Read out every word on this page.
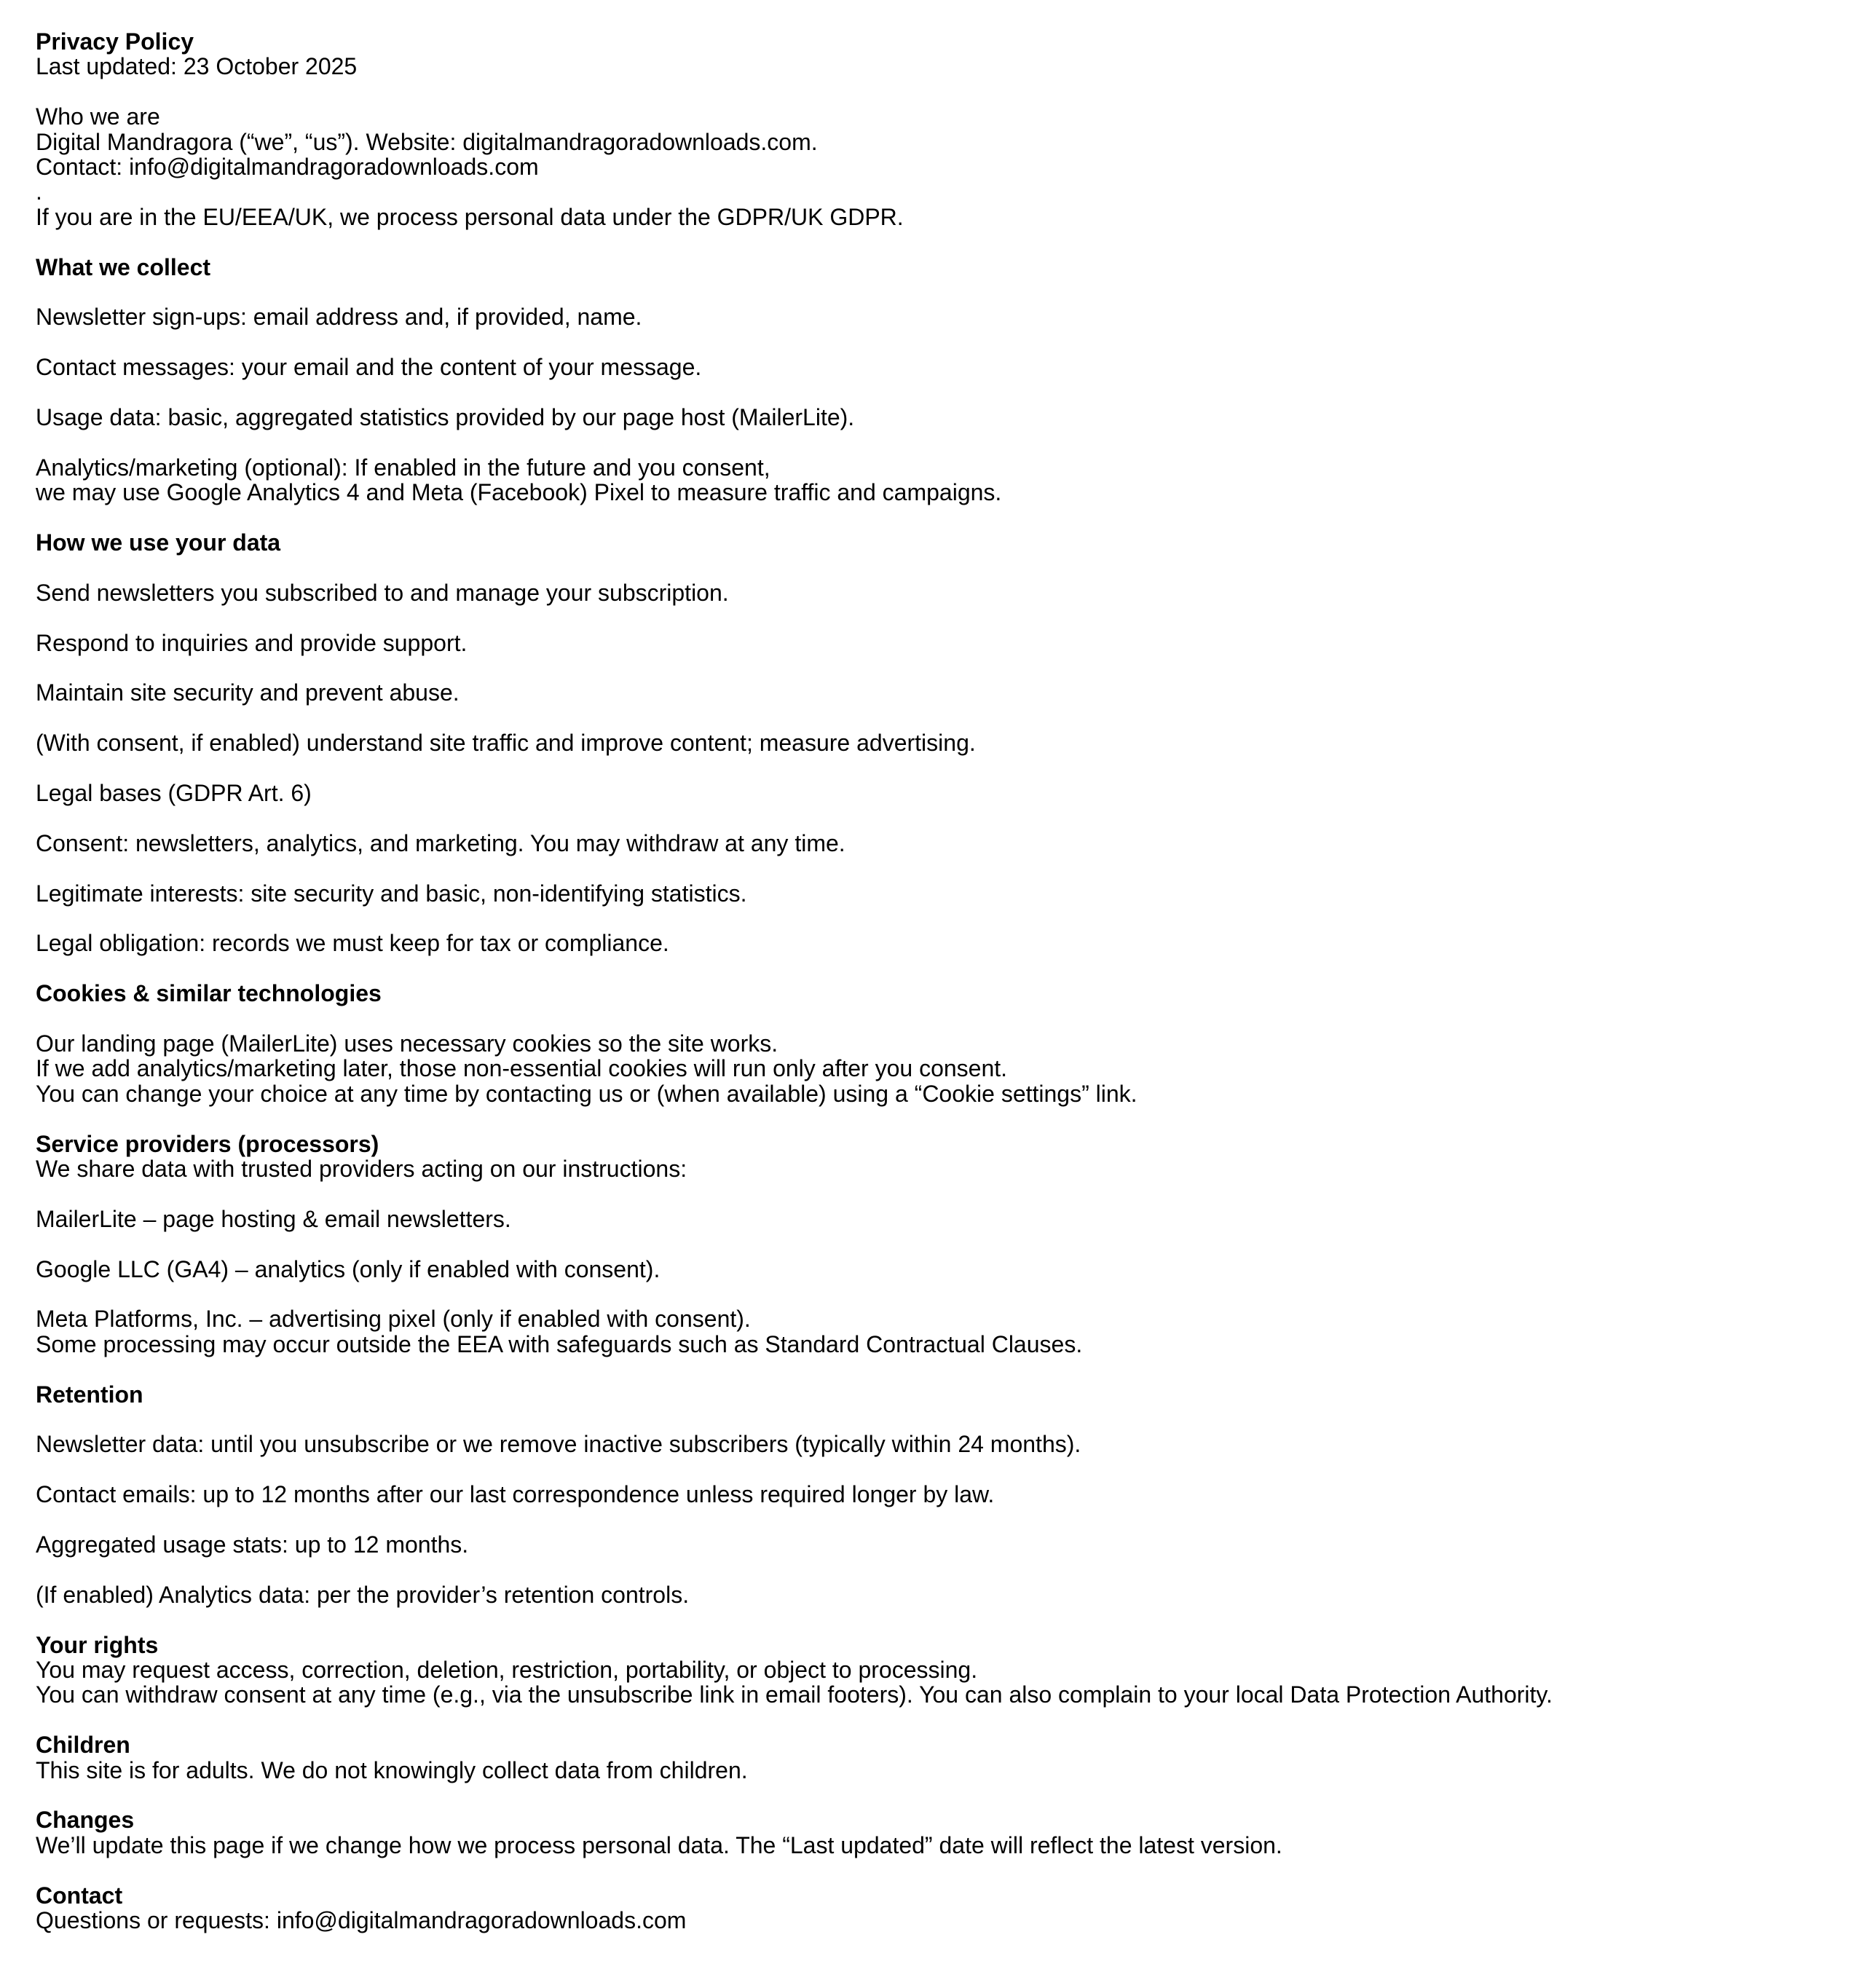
Privacy Policy
Last updated: 23 October 2025
Who we are
Digital Mandragora (“we”, “us”). Website: digitalmandragoradownloads.com.
Contact: info@digitalmandragoradownloads.com
.
If you are in the EU/EEA/UK, we process personal data under the GDPR/UK GDPR.
What we collect
Newsletter sign-ups: email address and, if provided, name.
Contact messages: your email and the content of your message.
Usage data: basic, aggregated statistics provided by our page host (MailerLite).
Analytics/marketing (optional): If enabled in the future and you consent,
we may use Google Analytics 4 and Meta (Facebook) Pixel to measure traffic and campaigns.
How we use your data
Send newsletters you subscribed to and manage your subscription.
Respond to inquiries and provide support.
Maintain site security and prevent abuse.
(With consent, if enabled) understand site traffic and improve content; measure advertising.
Legal bases (GDPR Art. 6)
Consent: newsletters, analytics, and marketing. You may withdraw at any time.
Legitimate interests: site security and basic, non-identifying statistics.
Legal obligation: records we must keep for tax or compliance.
Cookies & similar technologies
Our landing page (MailerLite) uses necessary cookies so the site works.
If we add analytics/marketing later, those non-essential cookies will run only after you consent.
You can change your choice at any time by contacting us or (when available) using a “Cookie settings” link.
Service providers (processors)
We share data with trusted providers acting on our instructions:
MailerLite – page hosting & email newsletters.
Google LLC (GA4) – analytics (only if enabled with consent).
Meta Platforms, Inc. – advertising pixel (only if enabled with consent).
Some processing may occur outside the EEA with safeguards such as Standard Contractual Clauses.
Retention
Newsletter data: until you unsubscribe or we remove inactive subscribers (typically within 24 months).
Contact emails: up to 12 months after our last correspondence unless required longer by law.
Aggregated usage stats: up to 12 months.
(If enabled) Analytics data: per the provider’s retention controls.
Your rights
You may request access, correction, deletion, restriction, portability, or object to processing.
You can withdraw consent at any time (e.g., via the unsubscribe link in email footers). You can also complain to your local Data Protection Authority.
Children
This site is for adults. We do not knowingly collect data from children.
Changes
We’ll update this page if we change how we process personal data. The “Last updated” date will reflect the latest version.
Contact
Questions or requests: info@digitalmandragoradownloads.com
